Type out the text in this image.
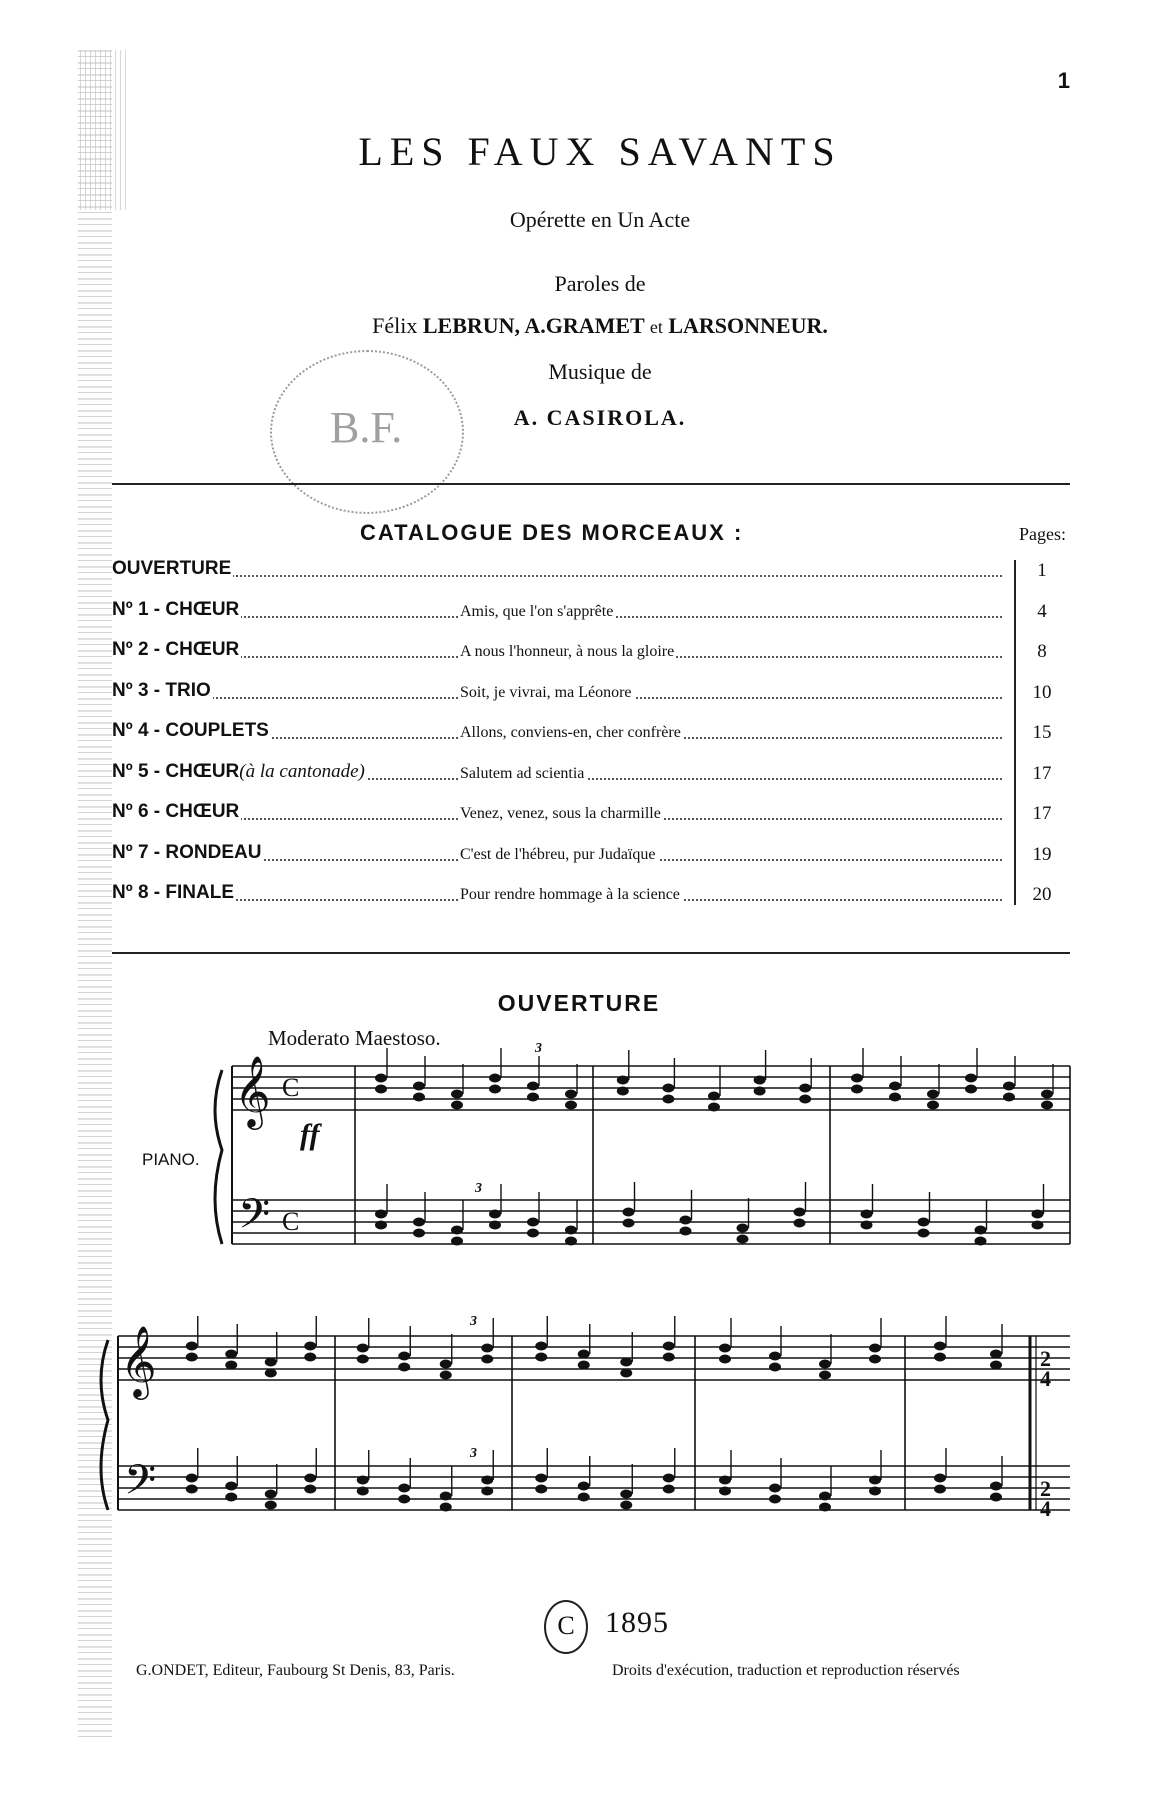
1
LES FAUX SAVANTS
Opérette en Un Acte
Paroles de
Félix LEBRUN, A.GRAMET et LARSONNEUR.
Musique de
A. CASIROLA.
B.F.
CATALOGUE DES MORCEAUX :	Pages:
OUVERTURE	1
Nº 1 - CHŒUR	Amis, que l'on s'apprête	4
Nº 2 - CHŒUR	A nous l'honneur, à nous la gloire	8
Nº 3 - TRIO	Soit, je vivrai, ma Léonore	10
Nº 4 - COUPLETS	Allons, conviens-en, cher confrère	15
Nº 5 - CHŒUR(à la cantonade)	Salutem ad scientia	17
Nº 6 - CHŒUR	Venez, venez, sous la charmille	17
Nº 7 - RONDEAU	C'est de l'hébreu, pur Judaïque	19
Nº 8 - FINALE	Pour rendre hommage à la science	20
OUVERTURE
Moderato Maestoso.
PIANO.
ff
𝄞
𝄢
C
C
𝄞
𝄢
2
4
2
4
3
3
3
3
C	1895
G.ONDET, Editeur, Faubourg St Denis, 83, Paris.	Droits d'exécution, traduction et reproduction réservés
